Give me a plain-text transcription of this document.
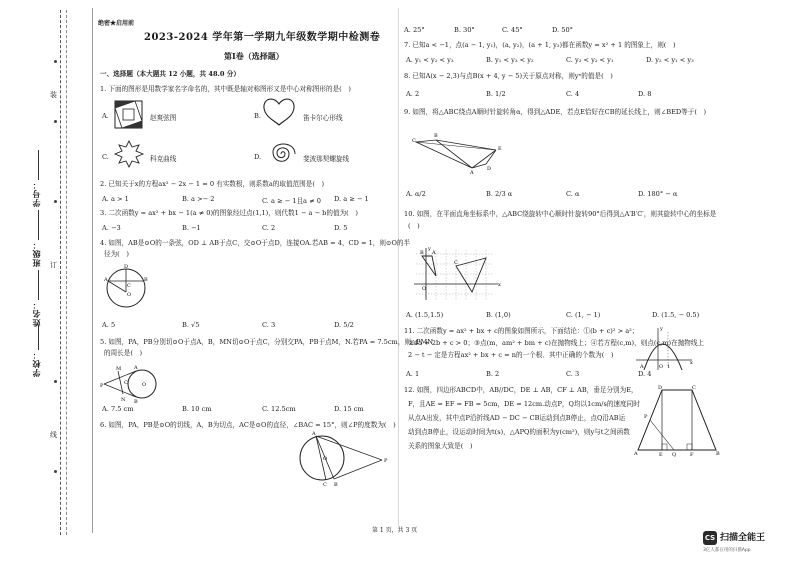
学号：
班级：
姓名：
学校：
装
订
线
绝密★启用前
2023-2024 学年第一学期九年级数学期中检测卷
第Ⅰ卷（选择题）
一、选择题（本大题共 12 小题，共 48.0 分）
1. 下面的图形是用数学家名字命名的，其中既是轴对称图形又是中心对称图形的是(　)
A.	赵爽弦图	B.	笛卡尔心形线
C.	科克曲线	D.	斐波那契螺旋线
2. 已知关于x的方程ax² − 2x − 1 = 0 有实数根，则系数a的取值范围是(　)
A. a > 1	B. a >− 2	C. a ≥ − 1且a ≠ 0 D. a ≥ − 1
3. 二次函数y = ax² + bx − 1(a ≠ 0)的图象经过点(1,1)，则代数1 − a − b的值为(　)
A. −3	B. −1	C. 2	D. 5
4. 如图，AB是⊙O的一条弦，OD ⊥ AB于点C，交⊙O于点D，连接OA.若AB = 4，CD = 1，则⊙O的半
径为(　)
D
A	B
C
O
A. 5	B. √5	C. 3	D. 5/2
5. 如图，PA，PB分别切⊙O于点A，B，MN切⊙O于点C，分别交PA，PB于点M，N.若PA = 7.5cm，则△PMN
的周长是(　)
P
M
N
A
B
O
C
A. 7.5 cm	B. 10 cm	C. 12.5cm	D. 15 cm
6. 如图，PA，PB是⊙O的切线，A，B为切点，AC是⊙O的直径，∠BAC = 15°，则∠P的度数为(　)
A
C B
P
O
A. 25°	B. 30°	C. 45°	D. 50°
7. 已知a < −1，点(a − 1, y₁)，(a, y₂)，(a + 1, y₃)都在函数y = x² + 1 的图象上，则(　)
A. y₁ < y₂ < y₃	B. y₁ < y₃ < y₂	C. y₃ < y₂ < y₁	D. y₂ < y₁ < y₃
8. 已知A(x − 2,3)与点B(x + 4, y − 5)关于原点对称，则yˣ的值是(　)
A. 2	B. 1/2	C. 4	D. 8
9. 如图，将△ABC绕点A顺时针旋转角α，得到△ADE，若点E恰好在CB的延长线上，则∠BED等于(　)
C
B
A
E
D
A. α/2	B. 2/3 α	C. α	D. 180° − α
10. 如图，在平面直角坐标系中，△ABC绕旋转中心顺时针旋转90°后得到△A′B′C′，则其旋转中心的坐标是
(　)
B A
C
O
x
y
A. (1.5,1.5)	B. (1,0)	C. (1, − 1)	D. (1.5, − 0.5)
11. 二次函数y = ax² + bx + c的图象如图所示，下面结论：①(b + c)² > a²；
②4a + 2b + c > 0；③点(m，am² + bm + c)在抛物线上；④若方程(c,m)，则点(c,m)在抛物线上
2 − t − 定是方程ax² + bx + c = n的一个根．其中正确的个数为(　)
A	O 1
x
y
A. 1	B. 2	C. 3	D. 4
12. 如图，四边形ABCD中，AB//DC，DE ⊥ AB，CF ⊥ AB，垂足分别为E，
F，且AE = EF = FB = 5cm，DE = 12cm.动点P，Q均以1cm/s的速度同时
从点A出发，其中点P沿折线AD − DC − CB运动到点B停止，点Q沿AB运
动到点B停止，设运动时间为t(s)，△APQ的面积为y(cm²)，则y与t之间函数
关系的图象大致是(　)
A
D	C
B
E Q	F
P
第 1 页，共 3 页
CS 扫描全能王
3亿人都在用的扫描App
